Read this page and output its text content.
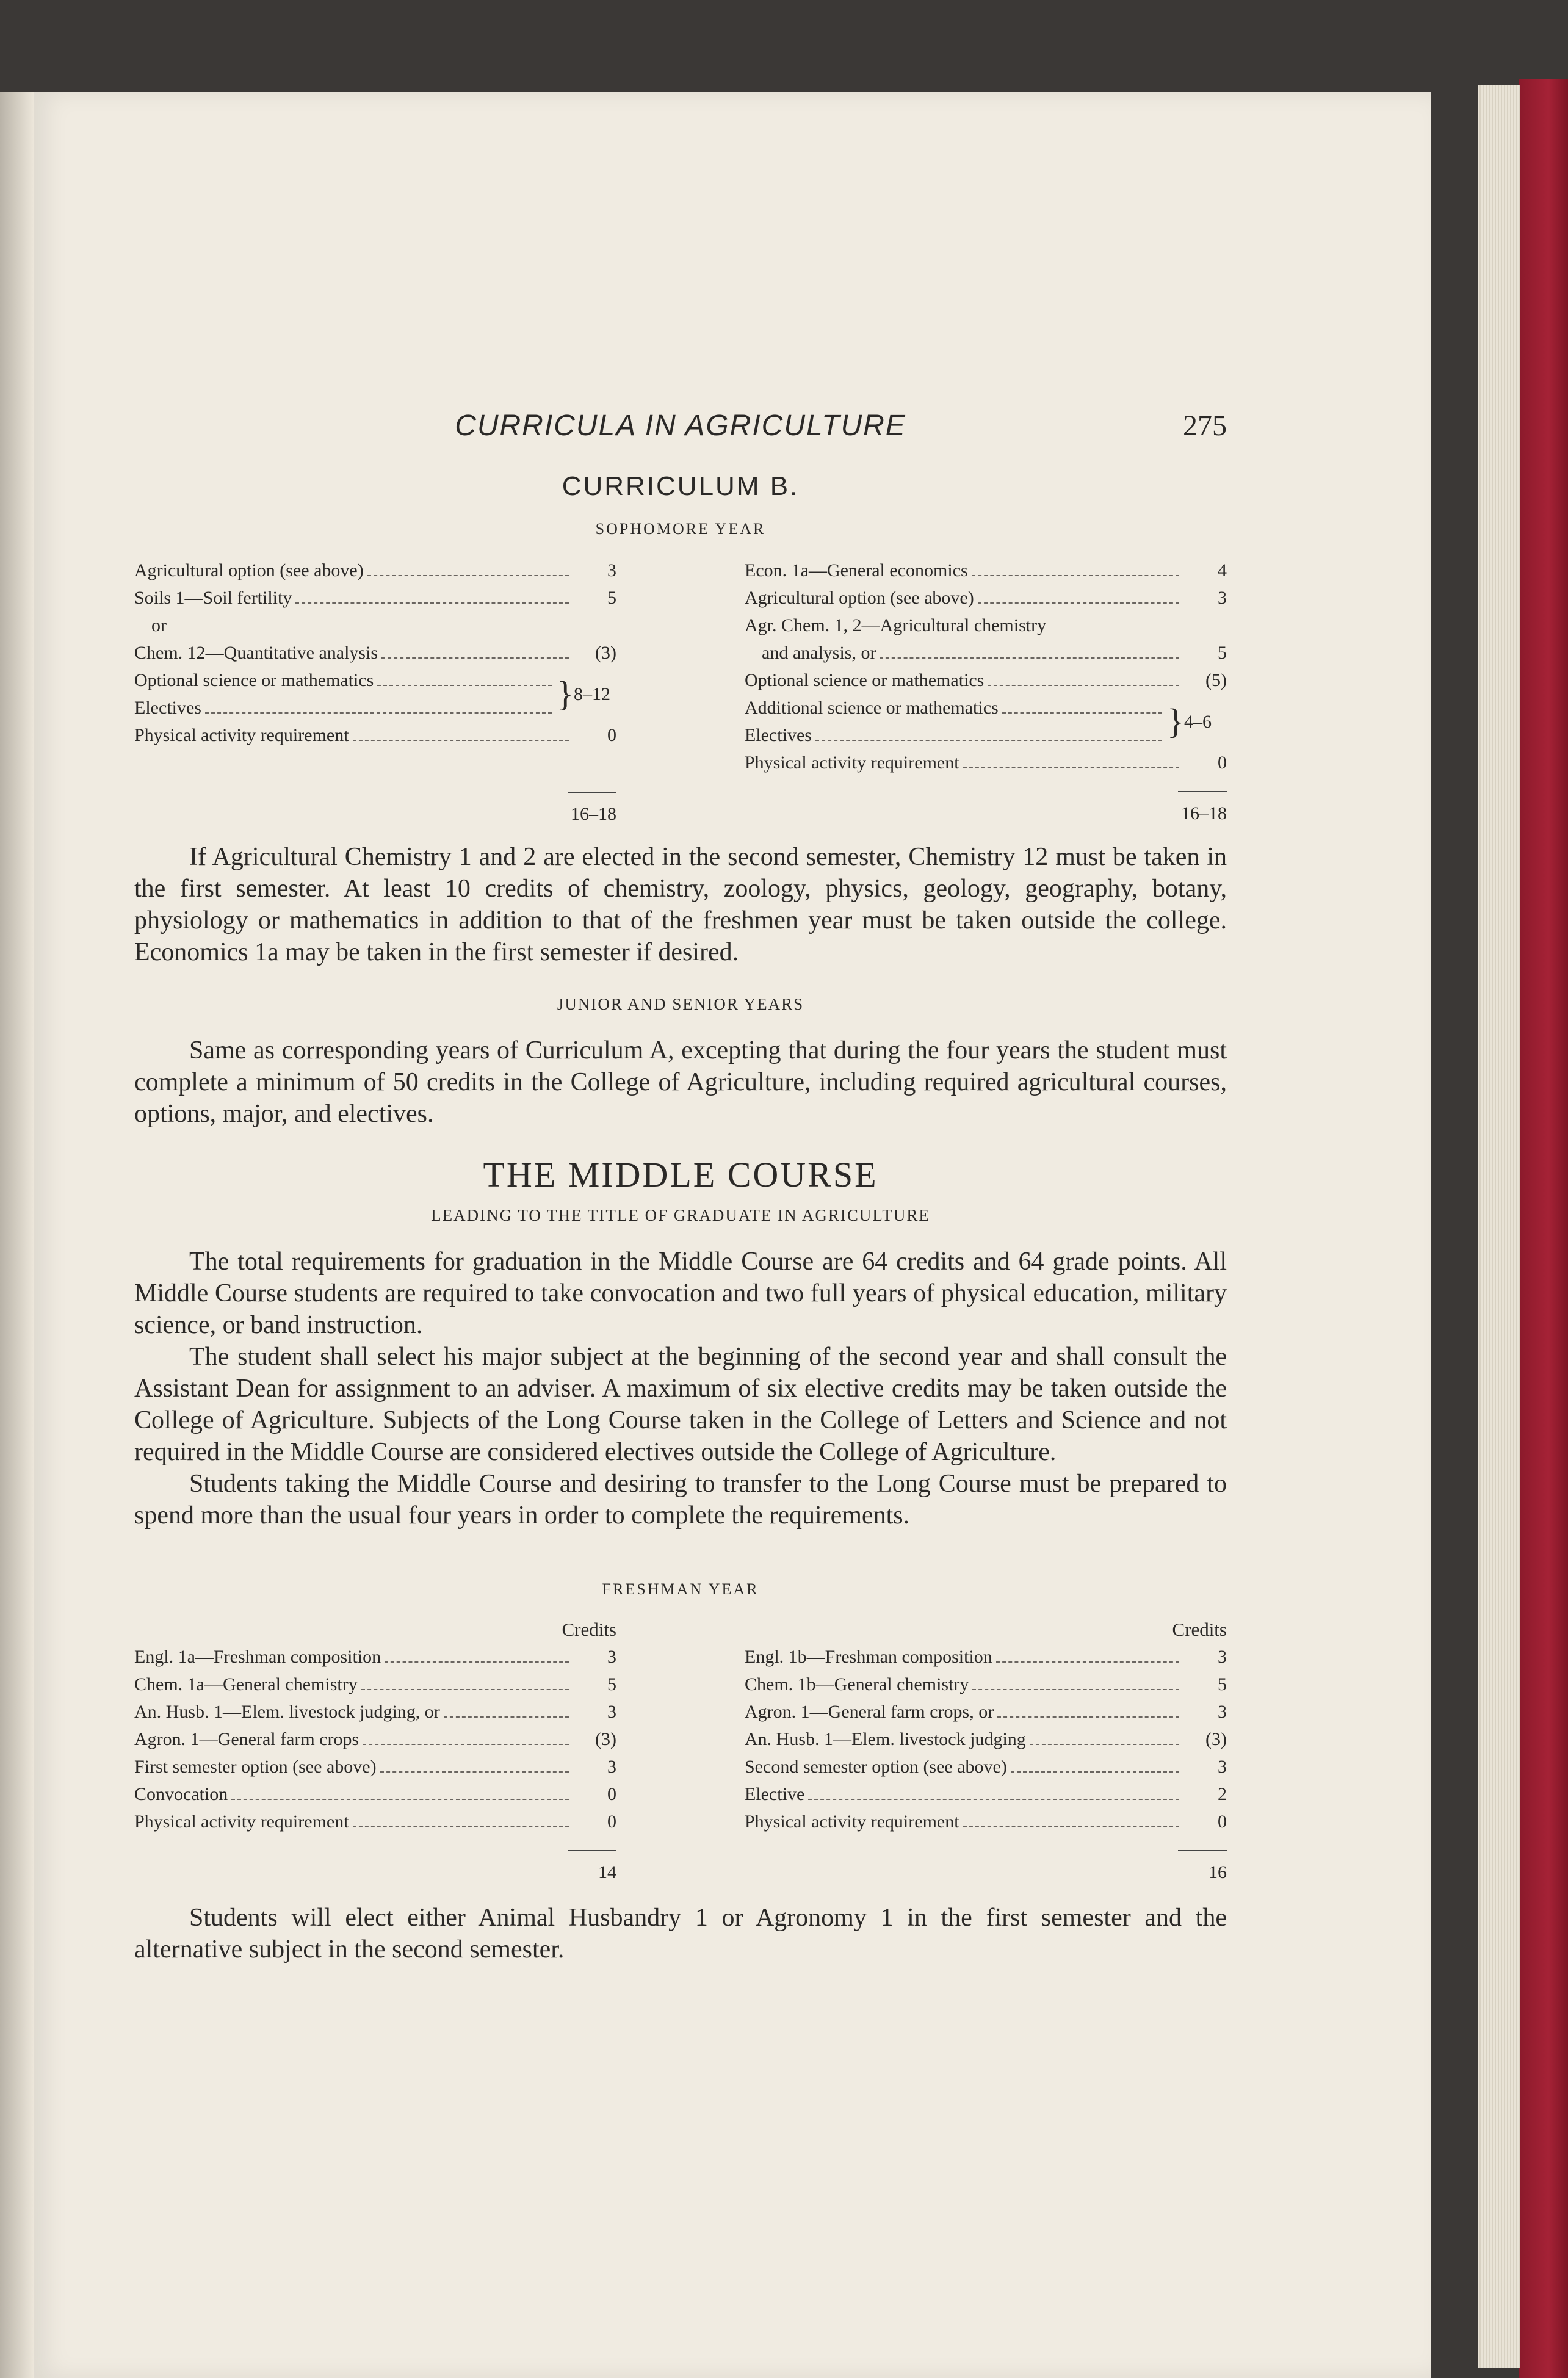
CURRICULA IN AGRICULTURE	275
CURRICULUM B.
SOPHOMORE YEAR
Agricultural option (see above)	3
Soils 1—Soil fertility	5
or
Chem. 12—Quantitative analysis	(3)
Optional science or mathematics
Electives	} 8–12
Physical activity requirement	0
16–18
Econ. 1a—General economics	4
Agricultural option (see above)	3
Agr. Chem. 1, 2—Agricultural chemistry
and analysis, or	5
Optional science or mathematics	(5)
Additional science or mathematics
Electives	} 4–6
Physical activity requirement	0
16–18

If Agricultural Chemistry 1 and 2 are elected in the second semester, Chemistry 12 must be taken in the first semester. At least 10 credits of chemistry, zoology, physics, geology, geography, botany, physiology or mathematics in addition to that of the freshmen year must be taken outside the college. Economics 1a may be taken in the first semester if desired.

JUNIOR AND SENIOR YEARS

Same as corresponding years of Curriculum A, excepting that during the four years the student must complete a minimum of 50 credits in the College of Agriculture, including required agricultural courses, options, major, and electives.

THE MIDDLE COURSE
LEADING TO THE TITLE OF GRADUATE IN AGRICULTURE

The total requirements for graduation in the Middle Course are 64 credits and 64 grade points. All Middle Course students are required to take convocation and two full years of physical education, military science, or band instruction.

The student shall select his major subject at the beginning of the second year and shall consult the Assistant Dean for assignment to an adviser. A maximum of six elective credits may be taken outside the College of Agriculture. Subjects of the Long Course taken in the College of Letters and Science and not required in the Middle Course are considered electives outside the College of Agriculture.

Students taking the Middle Course and desiring to transfer to the Long Course must be prepared to spend more than the usual four years in order to complete the requirements.

FRESHMAN YEAR
Credits
Engl. 1a—Freshman composition	3
Chem. 1a—General chemistry	5
An. Husb. 1—Elem. livestock judging, or	3
Agron. 1—General farm crops	(3)
First semester option (see above)	3
Convocation	0
Physical activity requirement	0
14
Credits
Engl. 1b—Freshman composition	3
Chem. 1b—General chemistry	5
Agron. 1—General farm crops, or	3
An. Husb. 1—Elem. livestock judging	(3)
Second semester option (see above)	3
Elective	2
Physical activity requirement	0
16

Students will elect either Animal Husbandry 1 or Agronomy 1 in the first semester and the alternative subject in the second semester.
